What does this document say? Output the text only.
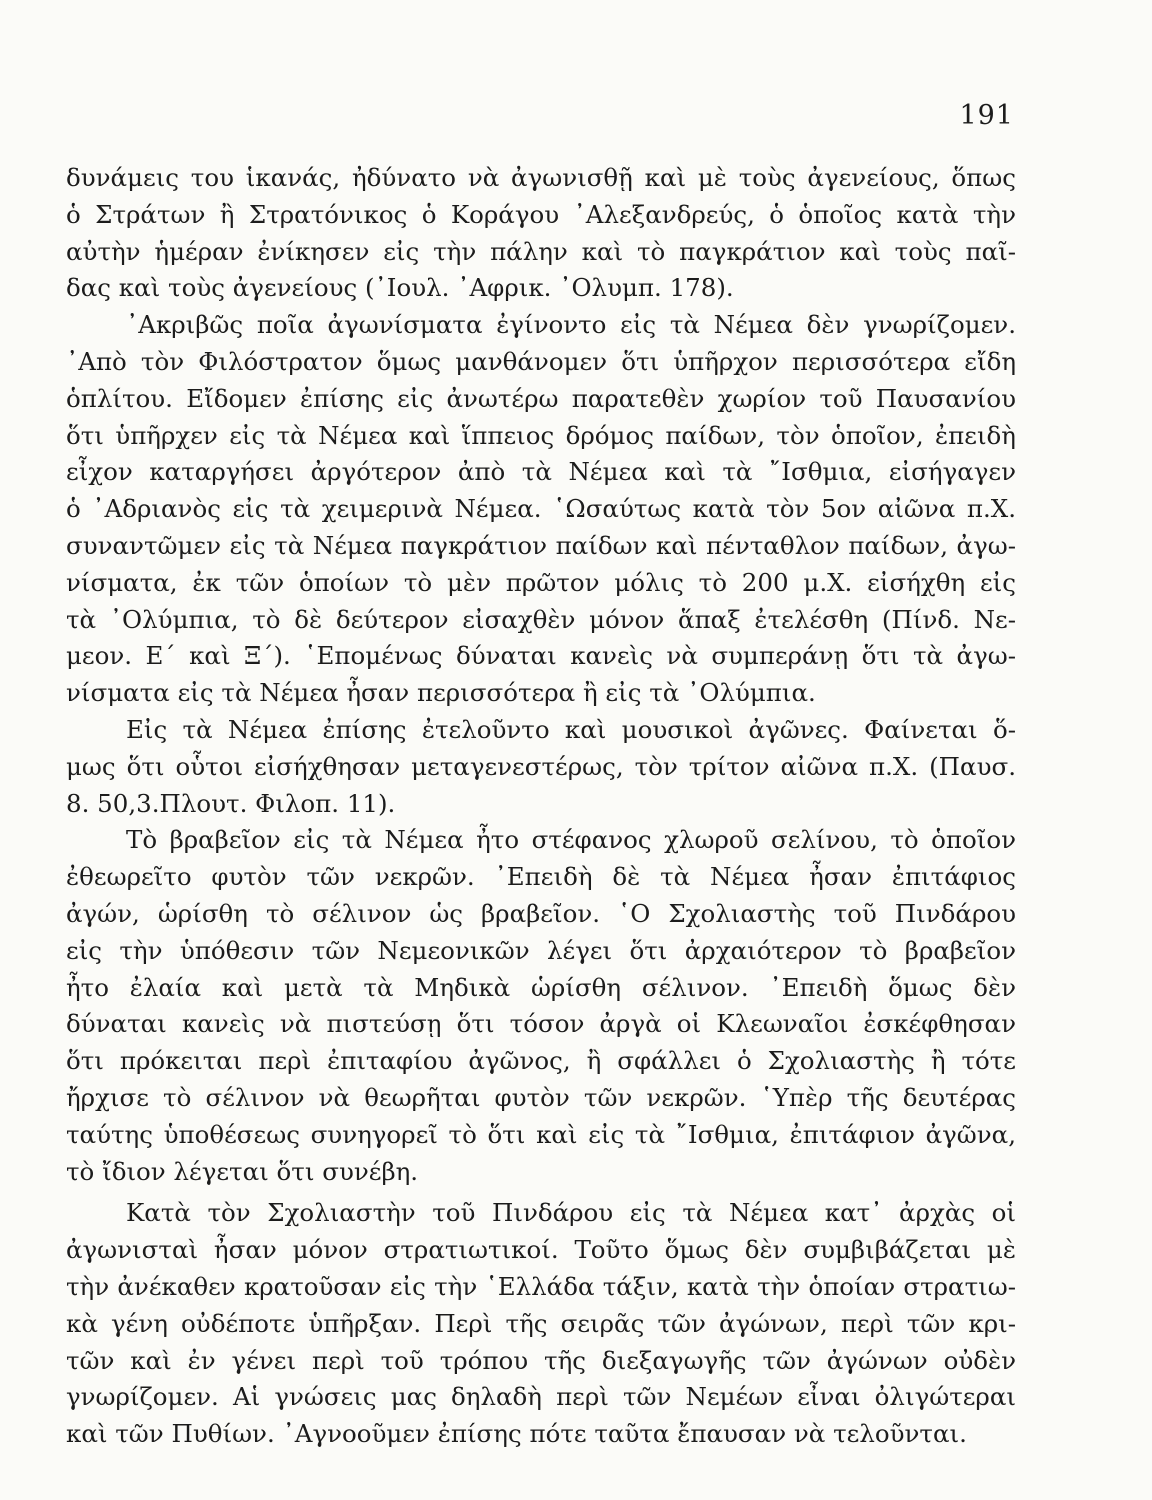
191
δυνάμεις του ἱκανάς, ἠδύνατο νὰ ἀγωνισθῇ καὶ μὲ τοὺς ἀγενείους, ὅπως
ὁ Στράτων ἢ Στρατόνικος ὁ Κοράγου ᾿Αλεξανδρεύς, ὁ ὁποῖος κατὰ τὴν
αὐτὴν ἡμέραν ἐνίκησεν εἰς τὴν πάλην καὶ τὸ παγκράτιον καὶ τοὺς παῖ-
δας καὶ τοὺς ἀγενείους (᾿Ιουλ. ᾿Αφρικ. ᾿Ολυμπ. 178).
᾿Ακριβῶς ποῖα ἀγωνίσματα ἐγίνοντο εἰς τὰ Νέμεα δὲν γνωρίζομεν.
᾿Απὸ τὸν Φιλόστρατον ὅμως μανθάνομεν ὅτι ὑπῆρχον περισσότερα εἴδη
ὁπλίτου. Εἴδομεν ἐπίσης εἰς ἀνωτέρω παρατεθὲν χωρίον τοῦ Παυσανίου
ὅτι ὑπῆρχεν εἰς τὰ Νέμεα καὶ ἵππειος δρόμος παίδων, τὸν ὁποῖον, ἐπειδὴ
εἶχον καταργήσει ἀργότερον ἀπὸ τὰ Νέμεα καὶ τὰ ῎Ισθμια, εἰσήγαγεν
ὁ ᾿Αδριανὸς εἰς τὰ χειμερινὰ Νέμεα. ῾Ωσαύτως κατὰ τὸν 5ον αἰῶνα π.Χ.
συναντῶμεν εἰς τὰ Νέμεα παγκράτιον παίδων καὶ πένταθλον παίδων, ἀγω-
νίσματα, ἐκ τῶν ὁποίων τὸ μὲν πρῶτον μόλις τὸ 200 μ.Χ. εἰσήχθη εἰς
τὰ ᾿Ολύμπια, τὸ δὲ δεύτερον εἰσαχθὲν μόνον ἅπαξ ἐτελέσθη (Πίνδ. Νε-
μεον. Ε΄ καὶ Ξ΄). ῾Επομένως δύναται κανεὶς νὰ συμπεράνῃ ὅτι τὰ ἀγω-
νίσματα εἰς τὰ Νέμεα ἦσαν περισσότερα ἢ εἰς τὰ ᾿Ολύμπια.
Εἰς τὰ Νέμεα ἐπίσης ἐτελοῦντο καὶ μουσικοὶ ἀγῶνες. Φαίνεται ὅ-
μως ὅτι οὗτοι εἰσήχθησαν μεταγενεστέρως, τὸν τρίτον αἰῶνα π.Χ. (Παυσ.
8. 50,3.Πλουτ. Φιλοπ. 11).
Τὸ βραβεῖον εἰς τὰ Νέμεα ἦτο στέφανος χλωροῦ σελίνου, τὸ ὁποῖον
ἐθεωρεῖτο φυτὸν τῶν νεκρῶν. ᾿Επειδὴ δὲ τὰ Νέμεα ἦσαν ἐπιτάφιος
ἀγών, ὡρίσθη τὸ σέλινον ὡς βραβεῖον. ῾Ο Σχολιαστὴς τοῦ Πινδάρου
εἰς τὴν ὑπόθεσιν τῶν Νεμεονικῶν λέγει ὅτι ἀρχαιότερον τὸ βραβεῖον
ἦτο ἐλαία καὶ μετὰ τὰ Μηδικὰ ὡρίσθη σέλινον. ᾿Επειδὴ ὅμως δὲν
δύναται κανεὶς νὰ πιστεύσῃ ὅτι τόσον ἀργὰ οἱ Κλεωναῖοι ἐσκέφθησαν
ὅτι πρόκειται περὶ ἐπιταφίου ἀγῶνος, ἢ σφάλλει ὁ Σχολιαστὴς ἢ τότε
ἤρχισε τὸ σέλινον νὰ θεωρῆται φυτὸν τῶν νεκρῶν. ῾Υπὲρ τῆς δευτέρας
ταύτης ὑποθέσεως συνηγορεῖ τὸ ὅτι καὶ εἰς τὰ ῎Ισθμια, ἐπιτάφιον ἀγῶνα,
τὸ ἴδιον λέγεται ὅτι συνέβη.
Κατὰ τὸν Σχολιαστὴν τοῦ Πινδάρου εἰς τὰ Νέμεα κατ᾿ ἀρχὰς οἱ
ἀγωνισταὶ ἦσαν μόνον στρατιωτικοί. Τοῦτο ὅμως δὲν συμβιβάζεται μὲ
τὴν ἀνέκαθεν κρατοῦσαν εἰς τὴν ῾Ελλάδα τάξιν, κατὰ τὴν ὁποίαν στρατιω-
κὰ γένη οὐδέποτε ὑπῆρξαν. Περὶ τῆς σειρᾶς τῶν ἀγώνων, περὶ τῶν κρι-
τῶν καὶ ἐν γένει περὶ τοῦ τρόπου τῆς διεξαγωγῆς τῶν ἀγώνων οὐδὲν
γνωρίζομεν. Αἱ γνώσεις μας δηλαδὴ περὶ τῶν Νεμέων εἶναι ὀλιγώτεραι
καὶ τῶν Πυθίων. ᾿Αγνοοῦμεν ἐπίσης πότε ταῦτα ἔπαυσαν νὰ τελοῦνται.
